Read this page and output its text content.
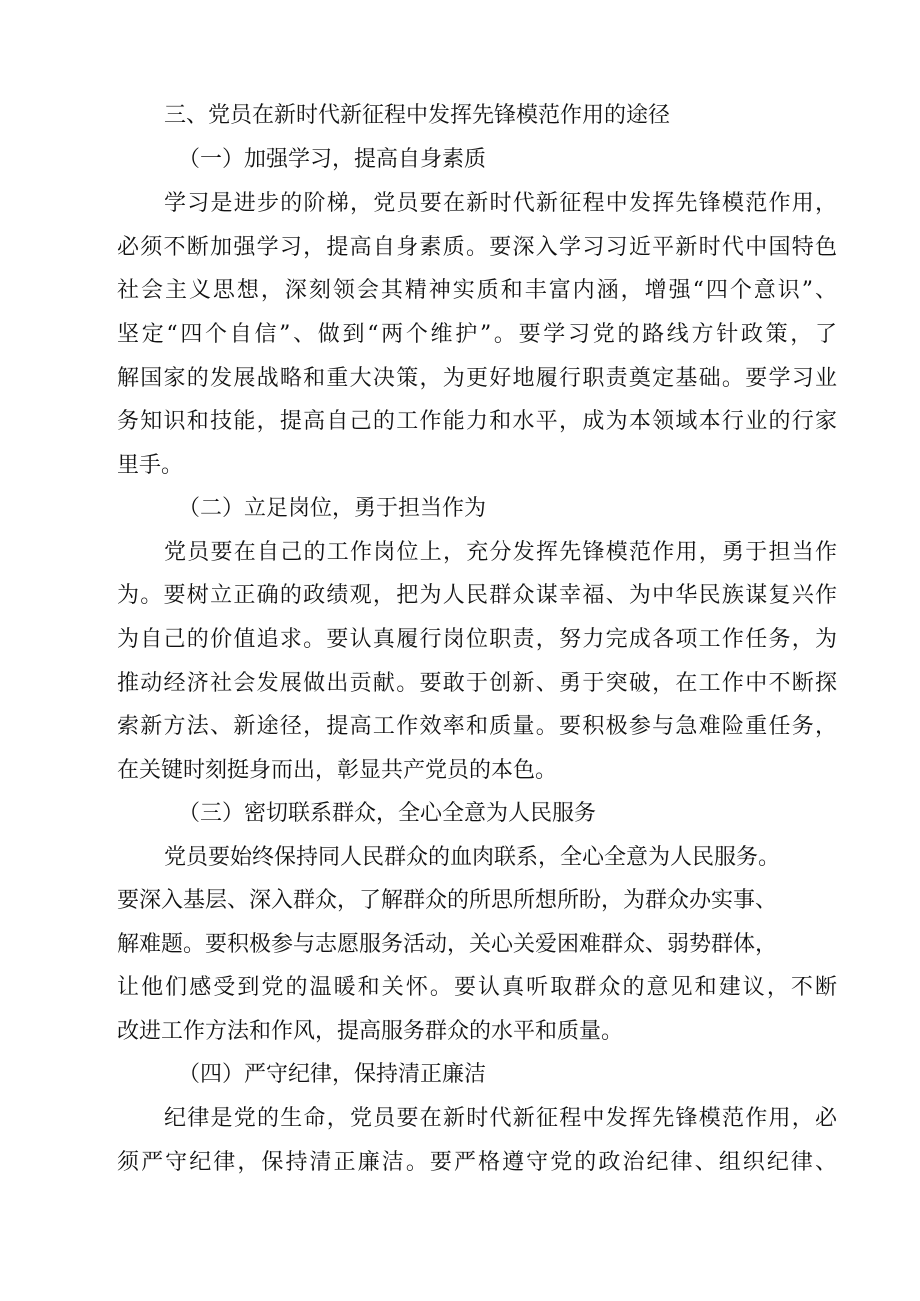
三、党员在新时代新征程中发挥先锋模范作用的途径
（一）加强学习，提高自身素质
学习是进步的阶梯，党员要在新时代新征程中发挥先锋模范作用，
必须不断加强学习，提高自身素质。要深入学习习近平新时代中国特色
社会主义思想，深刻领会其精神实质和丰富内涵，增强“四个意识”、
坚定“四个自信”、做到“两个维护”。要学习党的路线方针政策，了
解国家的发展战略和重大决策，为更好地履行职责奠定基础。要学习业
务知识和技能，提高自己的工作能力和水平，成为本领域本行业的行家
里手。
（二）立足岗位，勇于担当作为
党员要在自己的工作岗位上，充分发挥先锋模范作用，勇于担当作
为。要树立正确的政绩观，把为人民群众谋幸福、为中华民族谋复兴作
为自己的价值追求。要认真履行岗位职责，努力完成各项工作任务，为
推动经济社会发展做出贡献。要敢于创新、勇于突破，在工作中不断探
索新方法、新途径，提高工作效率和质量。要积极参与急难险重任务，
在关键时刻挺身而出，彰显共产党员的本色。
（三）密切联系群众，全心全意为人民服务
党员要始终保持同人民群众的血肉联系，全心全意为人民服务。
要深入基层、深入群众，了解群众的所思所想所盼，为群众办实事、
解难题。要积极参与志愿服务活动，关心关爱困难群众、弱势群体，
让他们感受到党的温暖和关怀。要认真听取群众的意见和建议，不断
改进工作方法和作风，提高服务群众的水平和质量。
（四）严守纪律，保持清正廉洁
纪律是党的生命，党员要在新时代新征程中发挥先锋模范作用，必
须严守纪律，保持清正廉洁。要严格遵守党的政治纪律、组织纪律、
